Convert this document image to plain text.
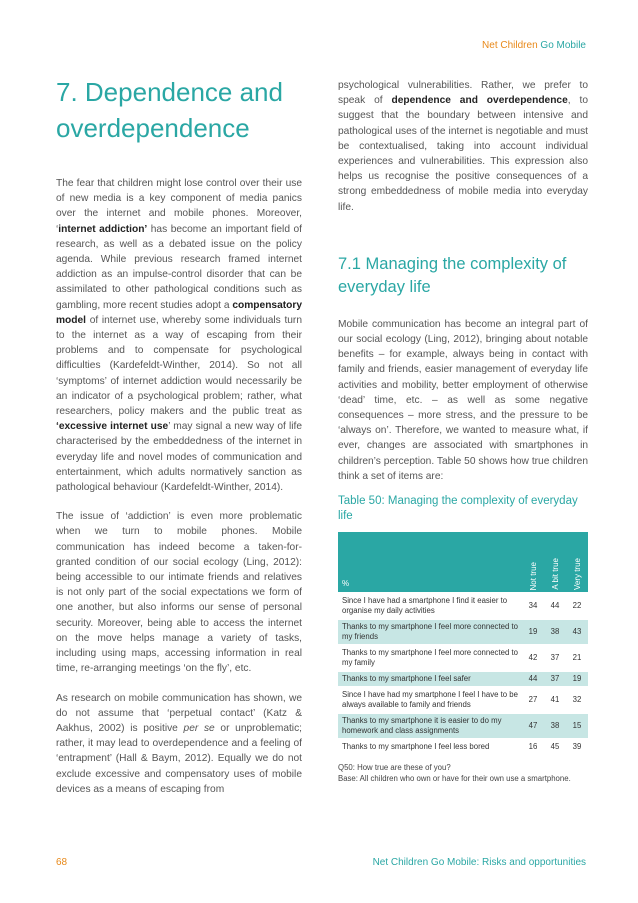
Net Children Go Mobile
7. Dependence and overdependence

The fear that children might lose control over their use of new media is a key component of media panics over the internet and mobile phones. Moreover, ‘internet addiction’ has become an important field of research, as well as a debated issue on the policy agenda. While previous research framed internet addiction as an impulse-control disorder that can be assimilated to other pathological conditions such as gambling, more recent studies adopt a compensatory model of internet use, whereby some individuals turn to the internet as a way of escaping from their problems and to compensate for psychological difficulties (Kardefeldt-Winther, 2014). So not all ‘symptoms’ of internet addiction would necessarily be an indicator of a psychological problem; rather, what researchers, policy makers and the public treat as ‘excessive internet use’ may signal a new way of life characterised by the embeddedness of the internet in everyday life and novel modes of communication and entertainment, which adults normatively sanction as pathological behaviour (Kardefeldt-Winther, 2014).

The issue of ‘addiction’ is even more problematic when we turn to mobile phones. Mobile communication has indeed become a taken-for-granted condition of our social ecology (Ling, 2012): being accessible to our intimate friends and relatives is not only part of the social expectations we form of one another, but also informs our sense of personal security. Moreover, being able to access the internet on the move helps manage a variety of tasks, including using maps, accessing information in real time, re-arranging meetings ‘on the fly’, etc.

As research on mobile communication has shown, we do not assume that ‘perpetual contact’ (Katz & Aakhus, 2002) is positive per se or unproblematic; rather, it may lead to overdependence and a feeling of ‘entrapment’ (Hall & Baym, 2012). Equally we do not exclude excessive and compensatory uses of mobile devices as a means of escaping from

psychological vulnerabilities. Rather, we prefer to speak of dependence and overdependence, to suggest that the boundary between intensive and pathological uses of the internet is negotiable and must be contextualised, taking into account individual experiences and vulnerabilities. This expression also helps us recognise the positive consequences of a strong embeddedness of mobile media into everyday life.

7.1 Managing the complexity of everyday life

Mobile communication has become an integral part of our social ecology (Ling, 2012), bringing about notable benefits – for example, always being in contact with family and friends, easier management of everyday life activities and mobility, better employment of otherwise ‘dead’ time, etc. – as well as some negative consequences – more stress, and the pressure to be ‘always on’. Therefore, we wanted to measure what, if ever, changes are associated with smartphones in children’s perception. Table 50 shows how true children think a set of items are:

Table 50: Managing the complexity of everyday life
%	Not true	A bit true	Very true
Since I have had a smartphone I find it easier to organise my daily activities	34	44	22
Thanks to my smartphone I feel more connected to my friends	19	38	43
Thanks to my smartphone I feel more connected to my family	42	37	21
Thanks to my smartphone I feel safer	44	37	19
Since I have had my smartphone I feel I have to be always available to family and friends	27	41	32
Thanks to my smartphone it is easier to do my homework and class assignments	47	38	15
Thanks to my smartphone I feel less bored	16	45	39
Q50: How true are these of you?
Base: All children who own or have for their own use a smartphone.
68	Net Children Go Mobile: Risks and opportunities
